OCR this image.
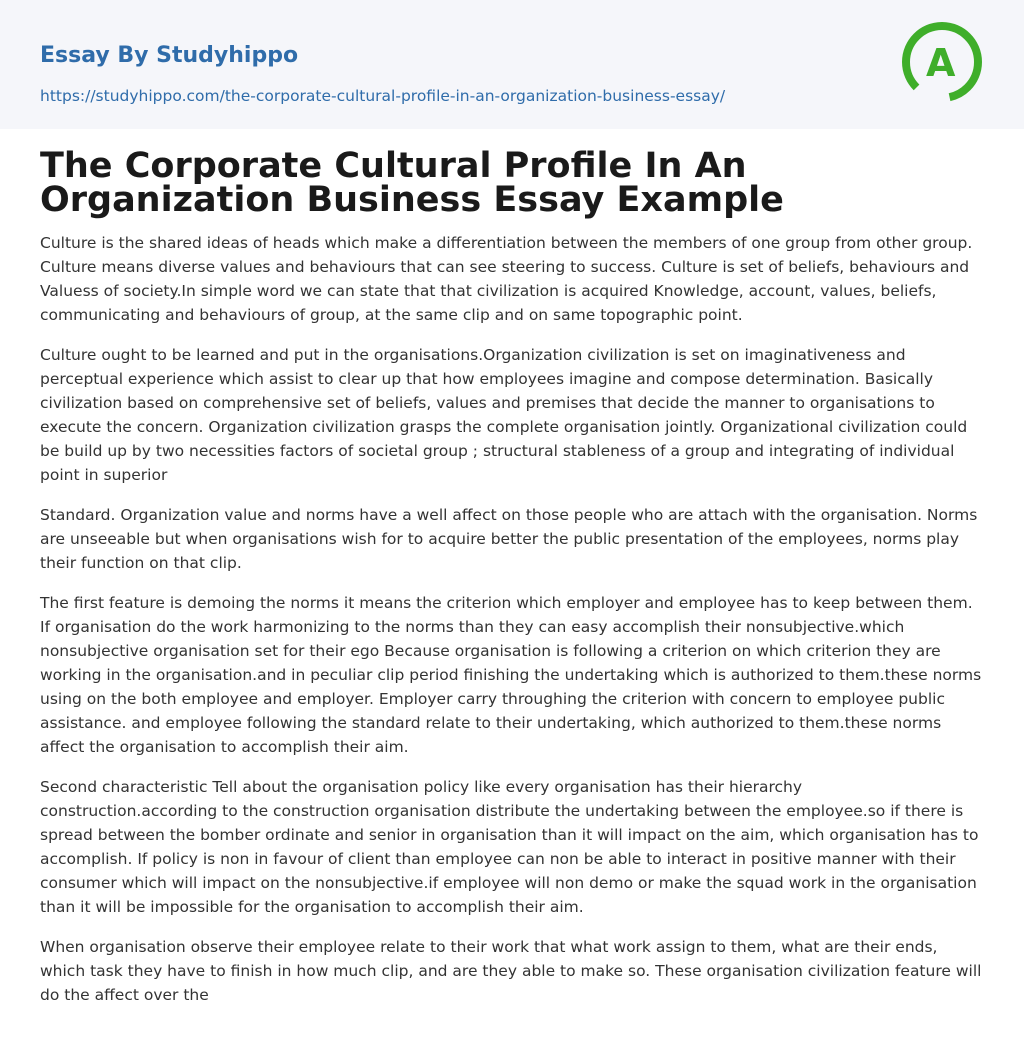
Essay By Studyhippo
https://studyhippo.com/the-corporate-cultural-profile-in-an-organization-business-essay/
A
The Corporate Cultural Profile In An Organization Business Essay Example

Culture is the shared ideas of heads which make a differentiation between the members of one group from other group. Culture means diverse values and behaviours that can see steering to success. Culture is set of beliefs, behaviours and Valuess of society.In simple word we can state that that civilization is acquired Knowledge, account, values, beliefs, communicating and behaviours of group, at the same clip and on same topographic point.

Culture ought to be learned and put in the organisations.Organization civilization is set on imaginativeness and perceptual experience which assist to clear up that how employees imagine and compose determination. Basically civilization based on comprehensive set of beliefs, values and premises that decide the manner to organisations to execute the concern. Organization civilization grasps the complete organisation jointly. Organizational civilization could be build up by two necessities factors of societal group ; structural stableness of a group and integrating of individual point in superior

Standard. Organization value and norms have a well affect on those people who are attach with the organisation. Norms are unseeable but when organisations wish for to acquire better the public presentation of the employees, norms play their function on that clip.

The first feature is demoing the norms it means the criterion which employer and employee has to keep between them. If organisation do the work harmonizing to the norms than they can easy accomplish their nonsubjective.which nonsubjective organisation set for their ego Because organisation is following a criterion on which criterion they are working in the organisation.and in peculiar clip period finishing the undertaking which is authorized to them.these norms using on the both employee and employer. Employer carry throughing the criterion with concern to employee public assistance. and employee following the standard relate to their undertaking, which authorized to them.these norms affect the organisation to accomplish their aim.

Second characteristic Tell about the organisation policy like every organisation has their hierarchy construction.according to the construction organisation distribute the undertaking between the employee.so if there is spread between the bomber ordinate and senior in organisation than it will impact on the aim, which organisation has to accomplish. If policy is non in favour of client than employee can non be able to interact in positive manner with their consumer which will impact on the nonsubjective.if employee will non demo or make the squad work in the organisation than it will be impossible for the organisation to accomplish their aim.

When organisation observe their employee relate to their work that what work assign to them, what are their ends, which task they have to finish in how much clip, and are they able to make so. These organisation civilization feature will do the affect over the
